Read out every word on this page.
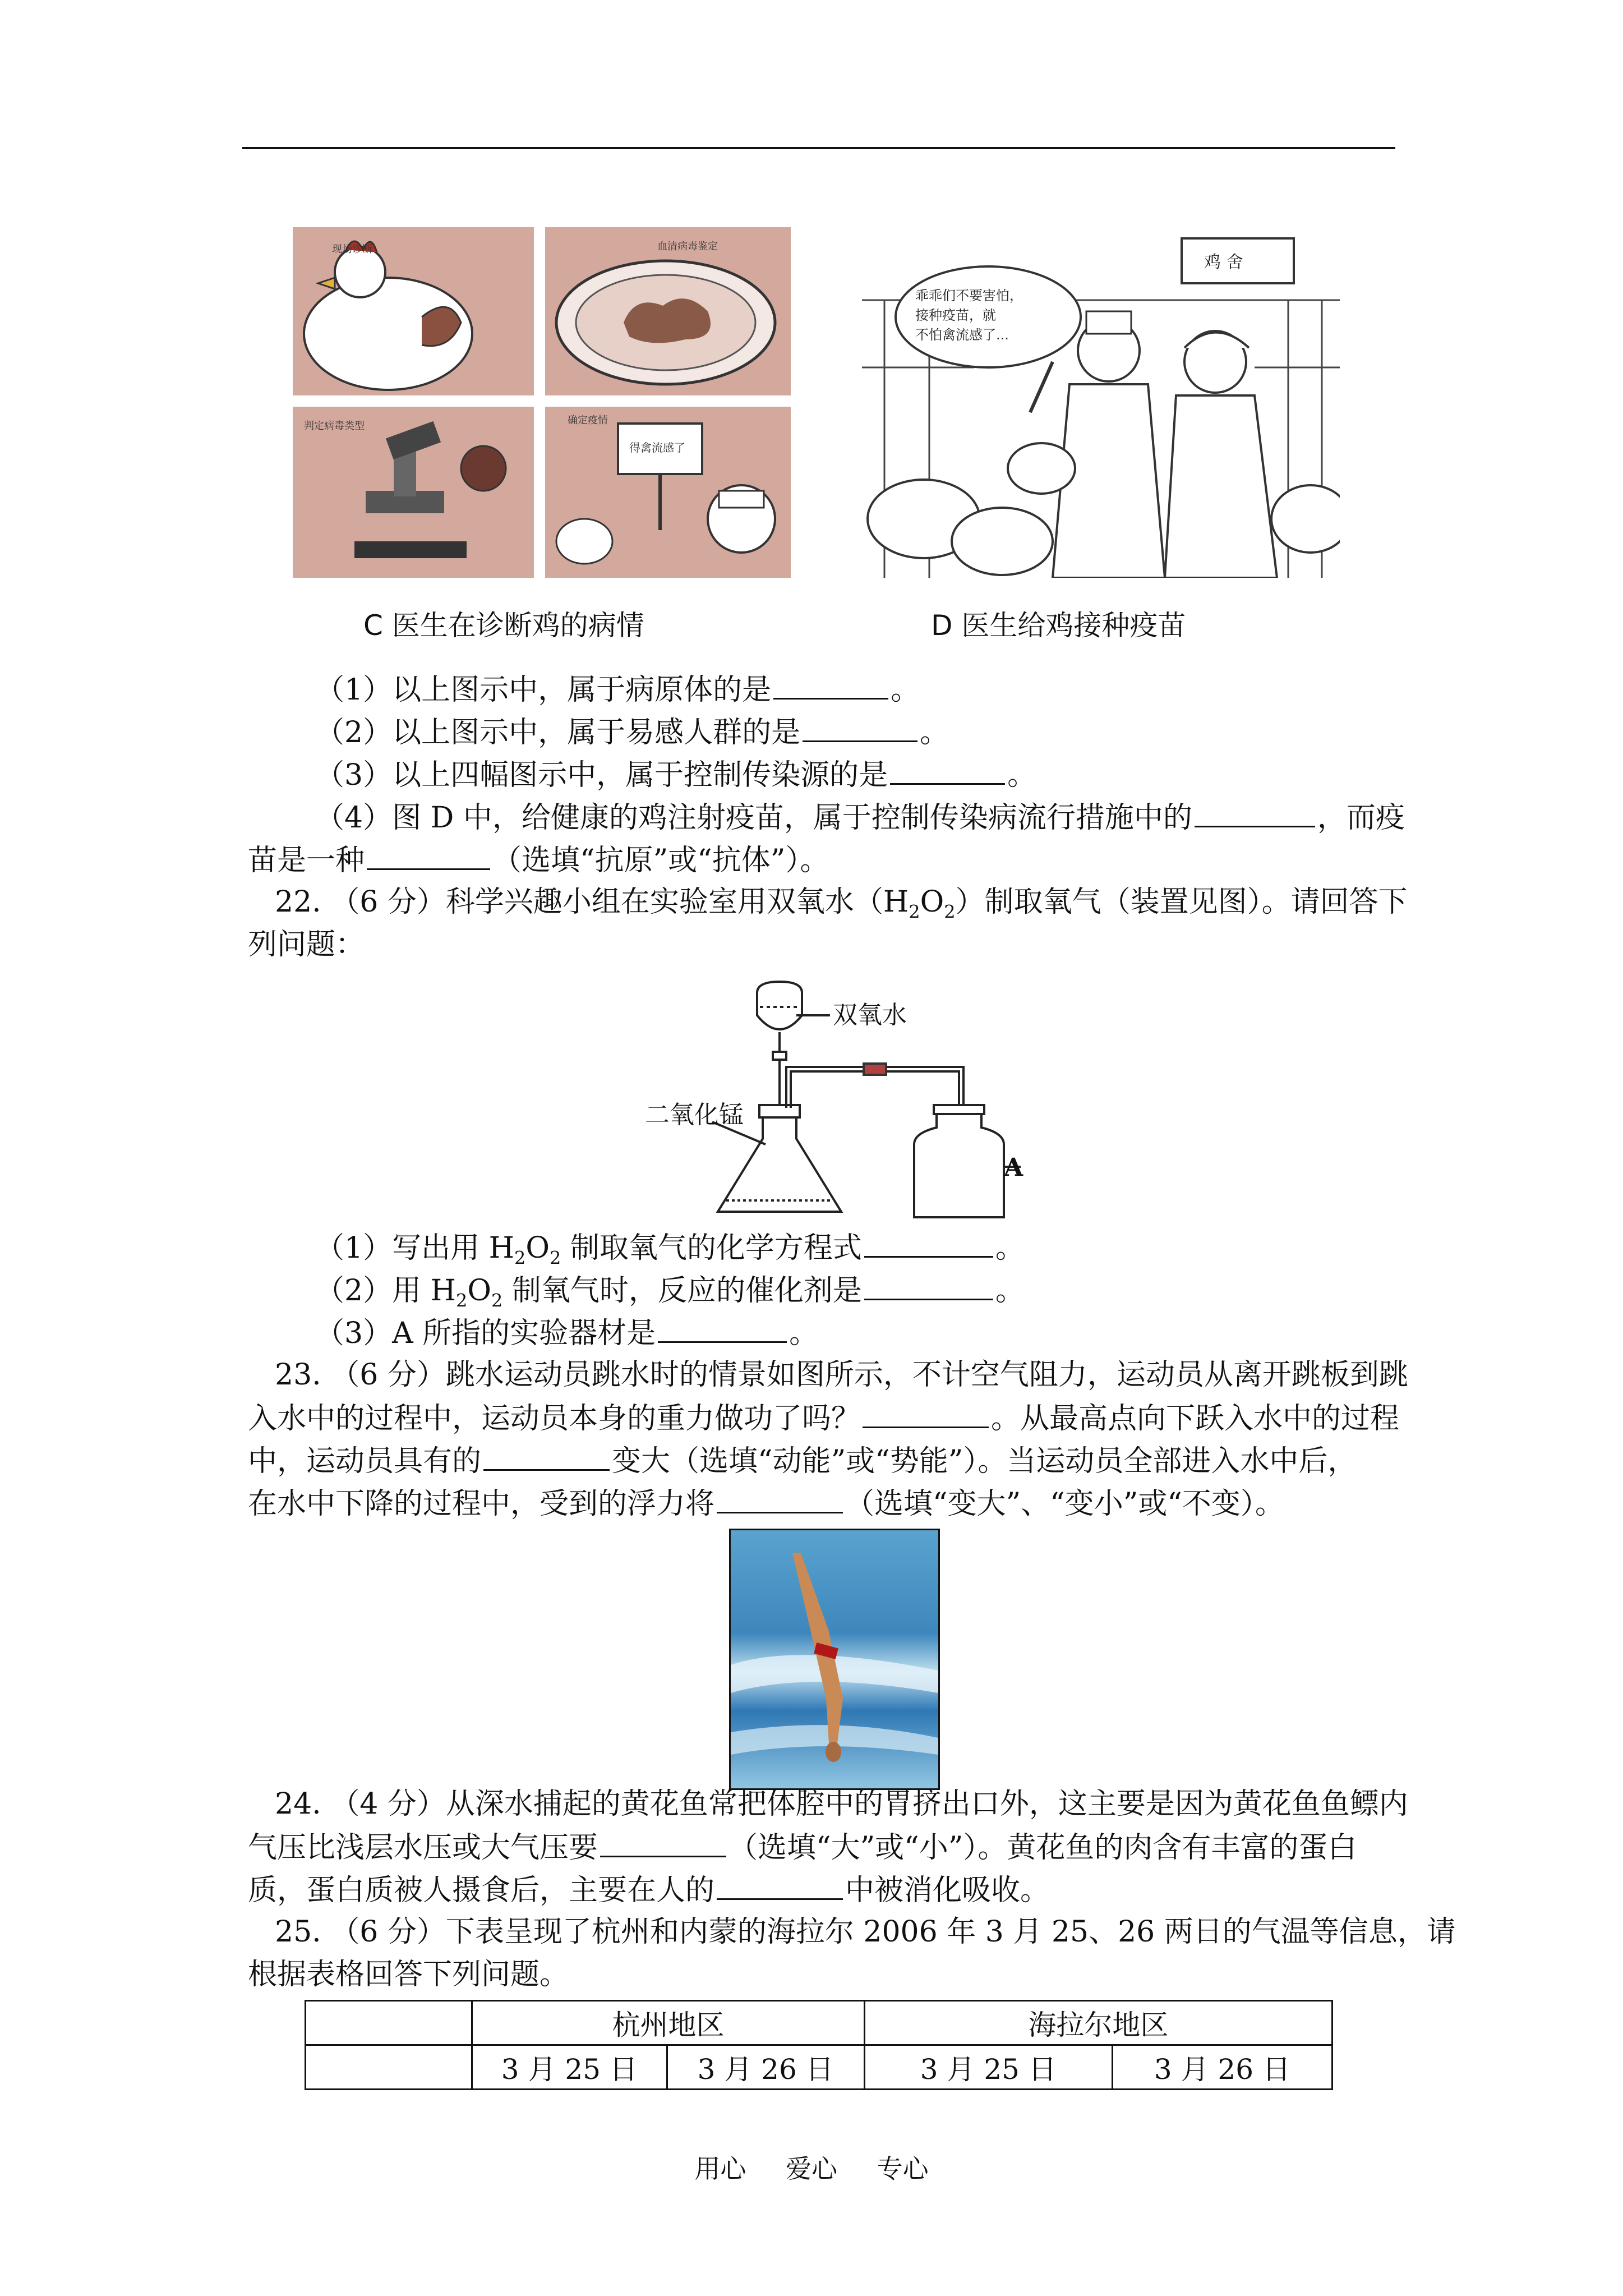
现场诊断	血清病毒鉴定
判定病毒类型	确定疫情
得禽流感了
鸡 舍
乖乖们不要害怕，
接种疫苗，就
不怕禽流感了...
C 医生在诊断鸡的病情	D 医生给鸡接种疫苗
（1）以上图示中，属于病原体的是	。
（2）以上图示中，属于易感人群的是	。
（3）以上四幅图示中，属于控制传染源的是	。
（4）图 D 中，给健康的鸡注射疫苗，属于控制传染病流行措施中的	，而疫
苗是一种	（选填“抗原”或“抗体”）。
22. （6 分）科学兴趣小组在实验室用双氧水$(H_2O_2)$制取氧气（装置见图）。请回答下
列问题：
双氧水
二氧化锰
A
（1）写出用 $H_2O_2$ 制取氧气的化学方程式	。
（2）用 $H_2O_2$ 制氧气时，反应的催化剂是	。
（3）A 所指的实验器材是	。
23. （6 分）跳水运动员跳水时的情景如图所示，不计空气阻力，运动员从离开跳板到跳
入水中的过程中，运动员本身的重力做功了吗？	。从最高点向下跃入水中的过程
中，运动员具有的	变大（选填“动能”或“势能”）。当运动员全部进入水中后，
在水中下降的过程中，受到的浮力将	（选填“变大”、“变小”或“不变）。
24. （4 分）从深水捕起的黄花鱼常把体腔中的胃挤出口外，这主要是因为黄花鱼鱼鳔内
气压比浅层水压或大气压要	（选填“大”或“小”）。黄花鱼的肉含有丰富的蛋白
质，蛋白质被人摄食后，主要在人的	中被消化吸收。
25. （6 分）下表呈现了杭州和内蒙的海拉尔 2006 年 3 月 25、26 两日的气温等信息，请
根据表格回答下列问题。
	杭州地区		海拉尔地区	
	3 月 25 日	3 月 26 日	3 月 25 日	3 月 26 日
用心 爱心 专心
